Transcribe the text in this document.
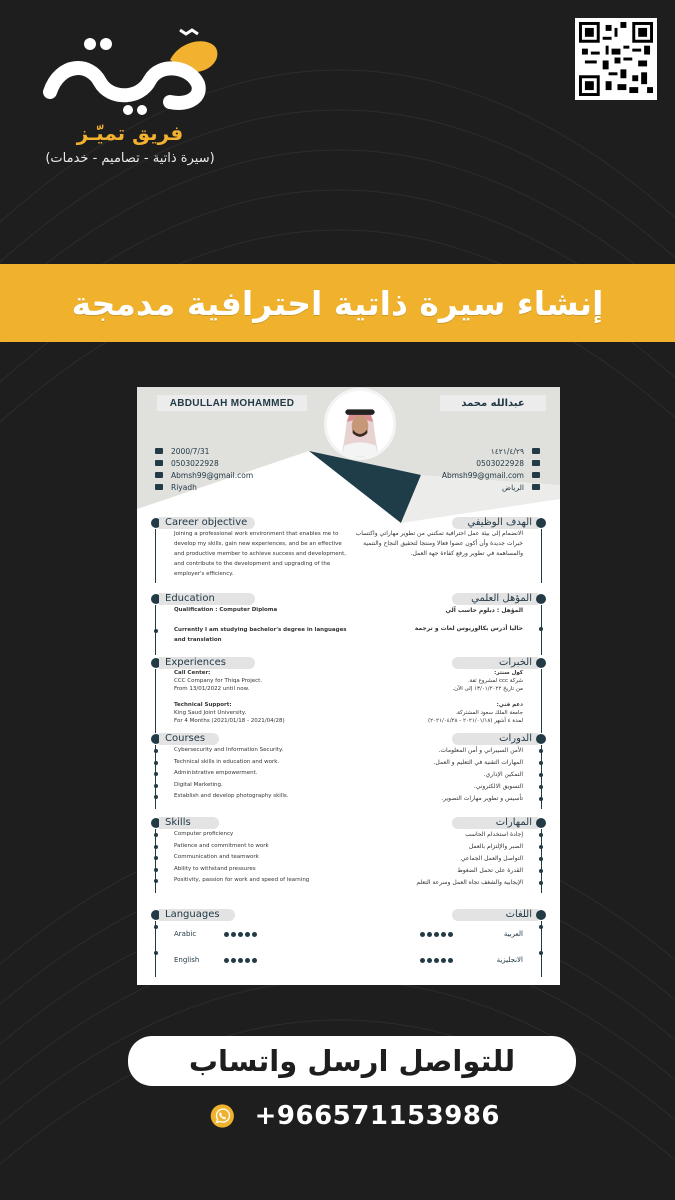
فريق تميّـز
(سيرة ذاتية - تصاميم - خدمات)
إنشاء سيرة ذاتية احترافية مدمجة
ABDULLAH MOHAMMED	عبدالله محمد
2000/7/31
0503022928
Abmsh99@gmail.com
Riyadh
١٤٢١/٤/٢٩
0503022928
Abmsh99@gmail.com
الرياض
Career objective
Joining a professional work environment that enables me to develop my skills, gain new experiences, and be an effective and productive member to achieve success and development, and contribute to the development and upgrading of the employer's efficiency.
Education
Qualification : Computer Diploma
Currently I am studying bachelor's degree in languages and translation
Experiences
Call Center:
CCC Company for Thiqa Project.
From 13/01/2022 until now.
Technical Support:
King Saud Joint University.
For 4 Months (2021/01/18 - 2021/04/28)
Courses
Cybersecurity and Information Security.
Technical skills in education and work.
Administrative empowerment.
Digital Marketing.
Establish and develop photography skills.
Skills
Computer proficiency
Patience and commitment to work
Communication and teamwork
Ability to withstand pressures
Positivity, passion for work and speed of learning
Languages
Arabic
English
الهدف الوظيفي
الانضمام إلى بيئة عمل احترافية تمكنني من تطوير مهاراتي واكتساب خبرات جديدة وأن أكون عضوا فعالا ومنتجا لتحقيق النجاح والتنمية والمساهمة في تطوير ورفع كفاءة جهة العمل.
المؤهل العلمي
المؤهل : دبلوم حاسب آلي
حاليا أدرس بكالوريوس لغات و ترجمة
الخبرات
كول سنتر:
شركة ccc لمشروع ثقة.
من تاريخ ١٣/٠١/٢٠٢٢ إلى الآن.
دعم فني:
جامعة الملك سعود المشتركة.
لمدة ٤ أشهر (٢٠٢١/٠١/١٨ - ٢٠٢١/٠٤/٢٨)
الدورات
الأمن السيبراني و أمن المعلومات.
المهارات التقنية في التعليم و العمل.
التمكين الإداري.
التسويق الالكتروني.
تأسيس و تطوير مهارات التصوير.
المهارات
إجادة استخدام الحاسب
الصبر والإلتزام بالعمل
التواصل والعمل الجماعي
القدرة على تحمل الضغوط
الإيجابية والشغف تجاه العمل وسرعة التعلم
اللغات
العربية
الانجليزية
للتواصل ارسل واتساب
+966571153986
